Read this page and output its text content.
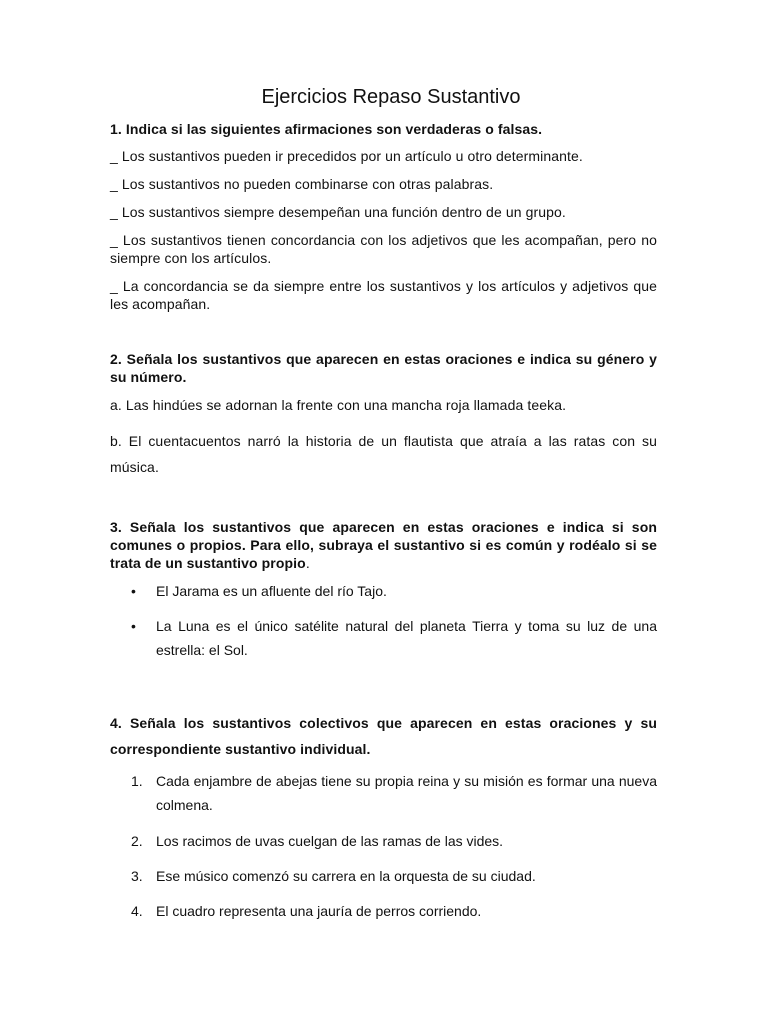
Ejercicios Repaso Sustantivo
1. Indica si las siguientes afirmaciones son verdaderas o falsas.
_ Los sustantivos pueden ir precedidos por un artículo u otro determinante.
_ Los sustantivos no pueden combinarse con otras palabras.
_ Los sustantivos siempre desempeñan una función dentro de un grupo.
_ Los sustantivos tienen concordancia con los adjetivos que les acompañan, pero no siempre con los artículos.
_ La concordancia se da siempre entre los sustantivos y los artículos y adjetivos que les acompañan.
2. Señala los sustantivos que aparecen en estas oraciones e indica su género y su número.
a. Las hindúes se adornan la frente con una mancha roja llamada teeka.
b. El cuentacuentos narró la historia de un flautista que atraía a las ratas con su música.
3. Señala los sustantivos que aparecen en estas oraciones e indica si son comunes o propios. Para ello, subraya el sustantivo si es común y rodéalo si se trata de un sustantivo propio.
•	El Jarama es un afluente del río Tajo.
•	La Luna es el único satélite natural del planeta Tierra y toma su luz de una estrella: el Sol.
4. Señala los sustantivos colectivos que aparecen en estas oraciones y su correspondiente sustantivo individual.
1. Cada enjambre de abejas tiene su propia reina y su misión es formar una nueva colmena.
2. Los racimos de uvas cuelgan de las ramas de las vides.
3. Ese músico comenzó su carrera en la orquesta de su ciudad.
4. El cuadro representa una jauría de perros corriendo.
